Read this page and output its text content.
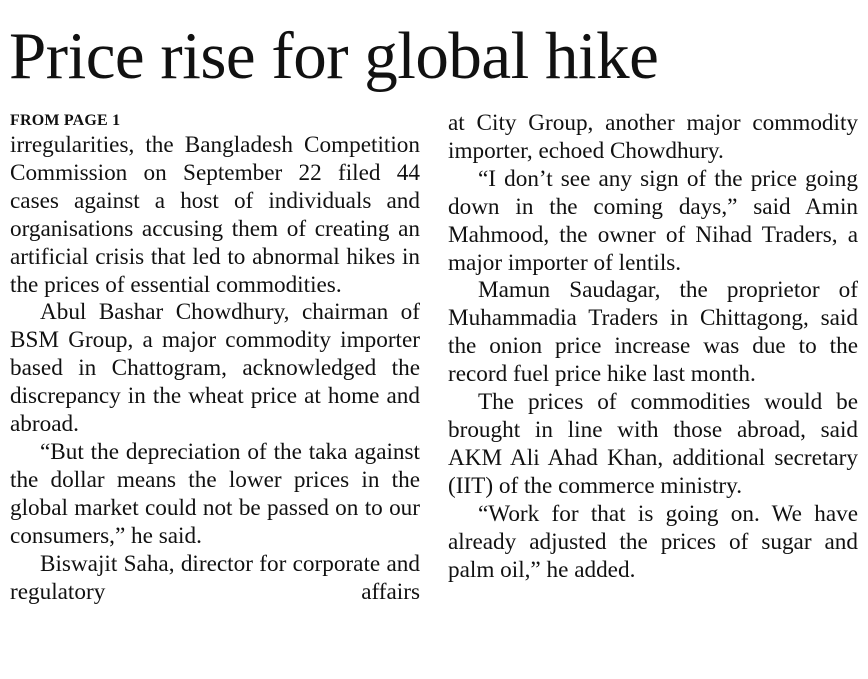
Price rise for global hike
FROM PAGE 1

irregularities, the Bangladesh Competition Commission on September 22 filed 44 cases against a host of individuals and organisations accusing them of creating an artificial crisis that led to abnormal hikes in the prices of essential commodities.

Abul Bashar Chowdhury, chairman of BSM Group, a major commodity importer based in Chattogram, acknowledged the discrepancy in the wheat price at home and abroad.

“But the depreciation of the taka against the dollar means the lower prices in the global market could not be passed on to our consumers,” he said.

Biswajit Saha, director for corporate and regulatory affairs

at City Group, another major commodity importer, echoed Chowdhury.

“I don’t see any sign of the price going down in the coming days,” said Amin Mahmood, the owner of Nihad Traders, a major importer of lentils.

Mamun Saudagar, the proprietor of Muhammadia Traders in Chittagong, said the onion price increase was due to the record fuel price hike last month.

The prices of commodities would be brought in line with those abroad, said AKM Ali Ahad Khan, additional secretary (IIT) of the commerce ministry.

“Work for that is going on. We have already adjusted the prices of sugar and palm oil,” he added.
